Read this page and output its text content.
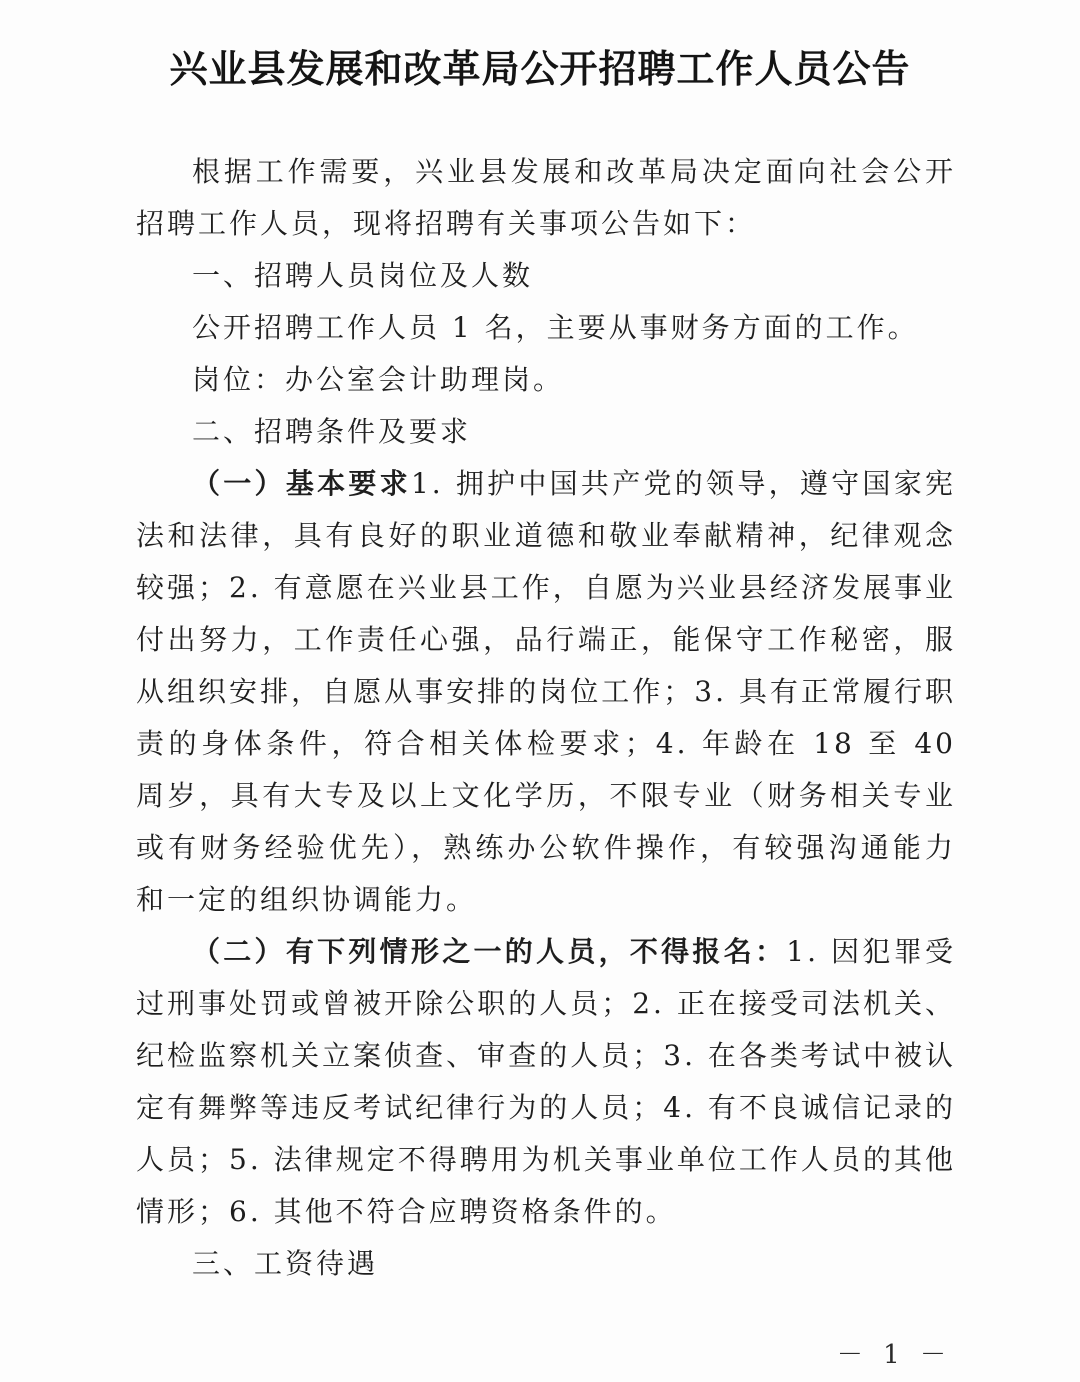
兴业县发展和改革局公开招聘工作人员公告

根据工作需要，兴业县发展和改革局决定面向社会公开招聘工作人员，现将招聘有关事项公告如下：

一、招聘人员岗位及人数

公开招聘工作人员 1 名，主要从事财务方面的工作。

岗位：办公室会计助理岗。

二、招聘条件及要求

（一）基本要求1. 拥护中国共产党的领导，遵守国家宪法和法律，具有良好的职业道德和敬业奉献精神，纪律观念较强；2. 有意愿在兴业县工作，自愿为兴业县经济发展事业付出努力，工作责任心强，品行端正，能保守工作秘密，服从组织安排，自愿从事安排的岗位工作；3. 具有正常履行职责的身体条件，符合相关体检要求；4. 年龄在 18 至 40 周岁，具有大专及以上文化学历，不限专业（财务相关专业或有财务经验优先），熟练办公软件操作，有较强沟通能力和一定的组织协调能力。

（二）有下列情形之一的人员，不得报名：1. 因犯罪受过刑事处罚或曾被开除公职的人员；2. 正在接受司法机关、纪检监察机关立案侦查、审查的人员；3. 在各类考试中被认定有舞弊等违反考试纪律行为的人员；4. 有不良诚信记录的人员；5. 法律规定不得聘用为机关事业单位工作人员的其他情形；6. 其他不符合应聘资格条件的。

三、工资待遇

－ 1 －
